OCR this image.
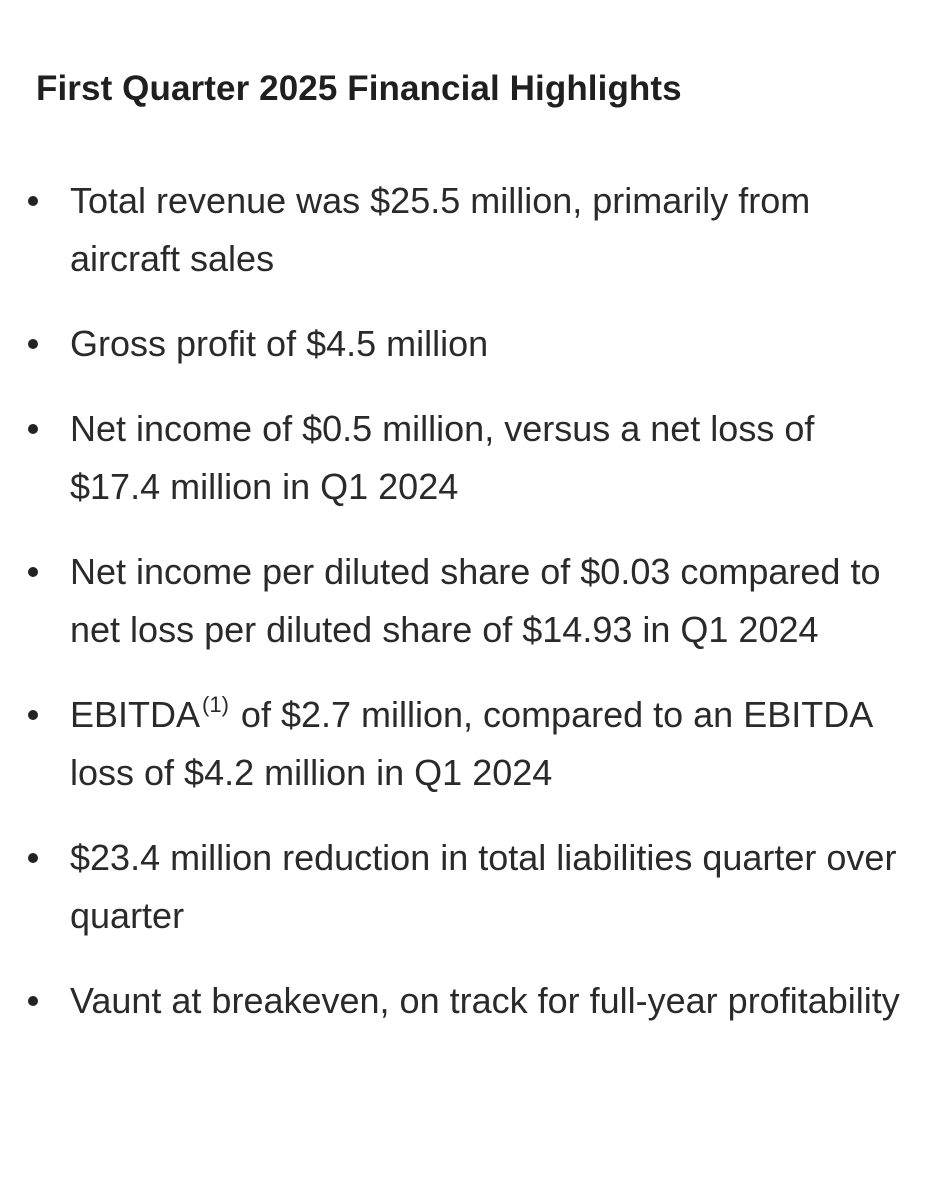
First Quarter 2025 Financial Highlights
Total revenue was $25.5 million, primarily from aircraft sales
Gross profit of $4.5 million
Net income of $0.5 million, versus a net loss of $17.4 million in Q1 2024
Net income per diluted share of $0.03 compared to net loss per diluted share of $14.93 in Q1 2024
EBITDA$^{(1)}$ of $2.7 million, compared to an EBITDA loss of $4.2 million in Q1 2024
$23.4 million reduction in total liabilities quarter over quarter
Vaunt at breakeven, on track for full-year profitability
